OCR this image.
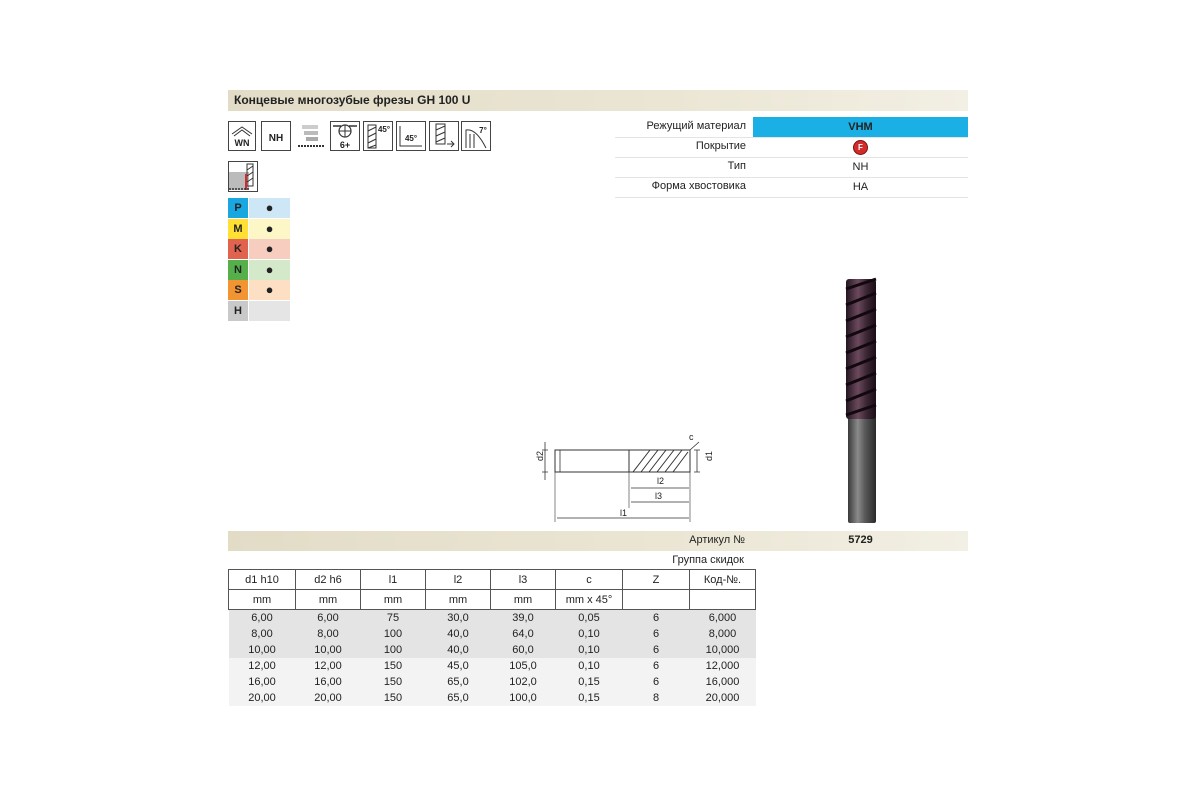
Концевые многозубые фрезы GH 100 U
WN NH
6+
45°
45°
7°
P	●
M	●
K	●
N	●
S	●
H
Режущий материал	VHM
Покрытие	F
Тип	NH
Форма хвостовика	HA
d2	d1
c
l2
l3
l1
Артикул №	5729
Группа скидок
d1 h10	d2 h6	l1	l2	l3	c	Z	Код-№.
mm	mm	mm	mm	mm	mm x 45°		
6,00	6,00	75	30,0	39,0	0,05	6	6,000
8,00	8,00	100	40,0	64,0	0,10	6	8,000
10,00	10,00	100	40,0	60,0	0,10	6	10,000
12,00	12,00	150	45,0	105,0	0,10	6	12,000
16,00	16,00	150	65,0	102,0	0,15	6	16,000
20,00	20,00	150	65,0	100,0	0,15	8	20,000
